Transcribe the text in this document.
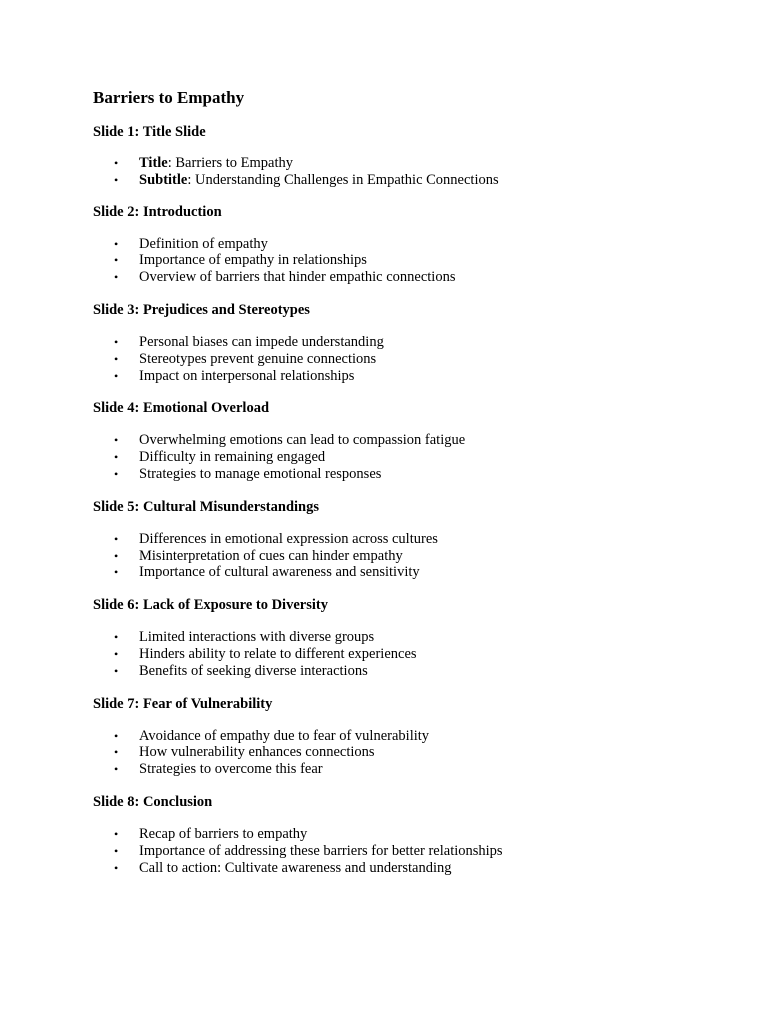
Barriers to Empathy

Slide 1: Title Slide

• Title: Barriers to Empathy
• Subtitle: Understanding Challenges in Empathic Connections

Slide 2: Introduction

• Definition of empathy
• Importance of empathy in relationships
• Overview of barriers that hinder empathic connections

Slide 3: Prejudices and Stereotypes

• Personal biases can impede understanding
• Stereotypes prevent genuine connections
• Impact on interpersonal relationships

Slide 4: Emotional Overload

• Overwhelming emotions can lead to compassion fatigue
• Difficulty in remaining engaged
• Strategies to manage emotional responses

Slide 5: Cultural Misunderstandings

• Differences in emotional expression across cultures
• Misinterpretation of cues can hinder empathy
• Importance of cultural awareness and sensitivity

Slide 6: Lack of Exposure to Diversity

• Limited interactions with diverse groups
• Hinders ability to relate to different experiences
• Benefits of seeking diverse interactions

Slide 7: Fear of Vulnerability

• Avoidance of empathy due to fear of vulnerability
• How vulnerability enhances connections
• Strategies to overcome this fear

Slide 8: Conclusion

• Recap of barriers to empathy
• Importance of addressing these barriers for better relationships
• Call to action: Cultivate awareness and understanding
